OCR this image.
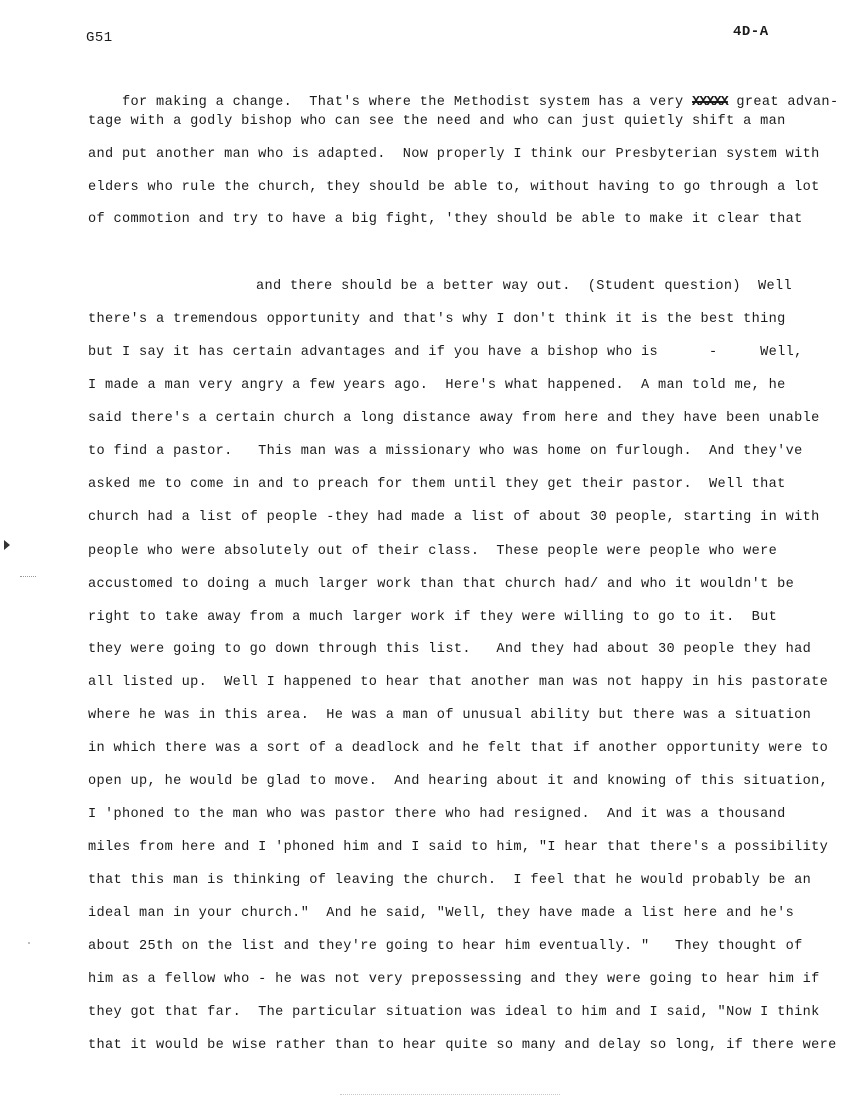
G51	4D-A

for making a change.  That's where the Methodist system has a very XXXXX great advan-

tage with a godly bishop who can see the need and who can just quietly shift a man
and put another man who is adapted.  Now properly I think our Presbyterian system with
elders who rule the church, they should be able to, without having to go through a lot
of commotion and try to have a big fight, 'they should be able to make it clear that
and there should be a better way out.  (Student question)  Well
there's a tremendous opportunity and that's why I don't think it is the best thing
but I say it has certain advantages and if you have a bishop who is      -     Well,
I made a man very angry a few years ago.  Here's what happened.  A man told me, he
said there's a certain church a long distance away from here and they have been unable
to find a pastor.   This man was a missionary who was home on furlough.  And they've
asked me to come in and to preach for them until they get their pastor.  Well that
church had a list of people -they had made a list of about 30 people, starting in with
people who were absolutely out of their class.  These people were people who were
accustomed to doing a much larger work than that church had/ and who it wouldn't be
right to take away from a much larger work if they were willing to go to it.  But
they were going to go down through this list.   And they had about 30 people they had
all listed up.  Well I happened to hear that another man was not happy in his pastorate
where he was in this area.  He was a man of unusual ability but there was a situation
in which there was a sort of a deadlock and he felt that if another opportunity were to
open up, he would be glad to move.  And hearing about it and knowing of this situation,
I 'phoned to the man who was pastor there who had resigned.  And it was a thousand
miles from here and I 'phoned him and I said to him, "I hear that there's a possibility
that this man is thinking of leaving the church.  I feel that he would probably be an
ideal man in your church."  And he said, "Well, they have made a list here and he's
about 25th on the list and they're going to hear him eventually. "   They thought of
him as a fellow who - he was not very prepossessing and they were going to hear him if
they got that far.  The particular situation was ideal to him and I said, "Now I think
that it would be wise rather than to hear quite so many and delay so long, if there were
